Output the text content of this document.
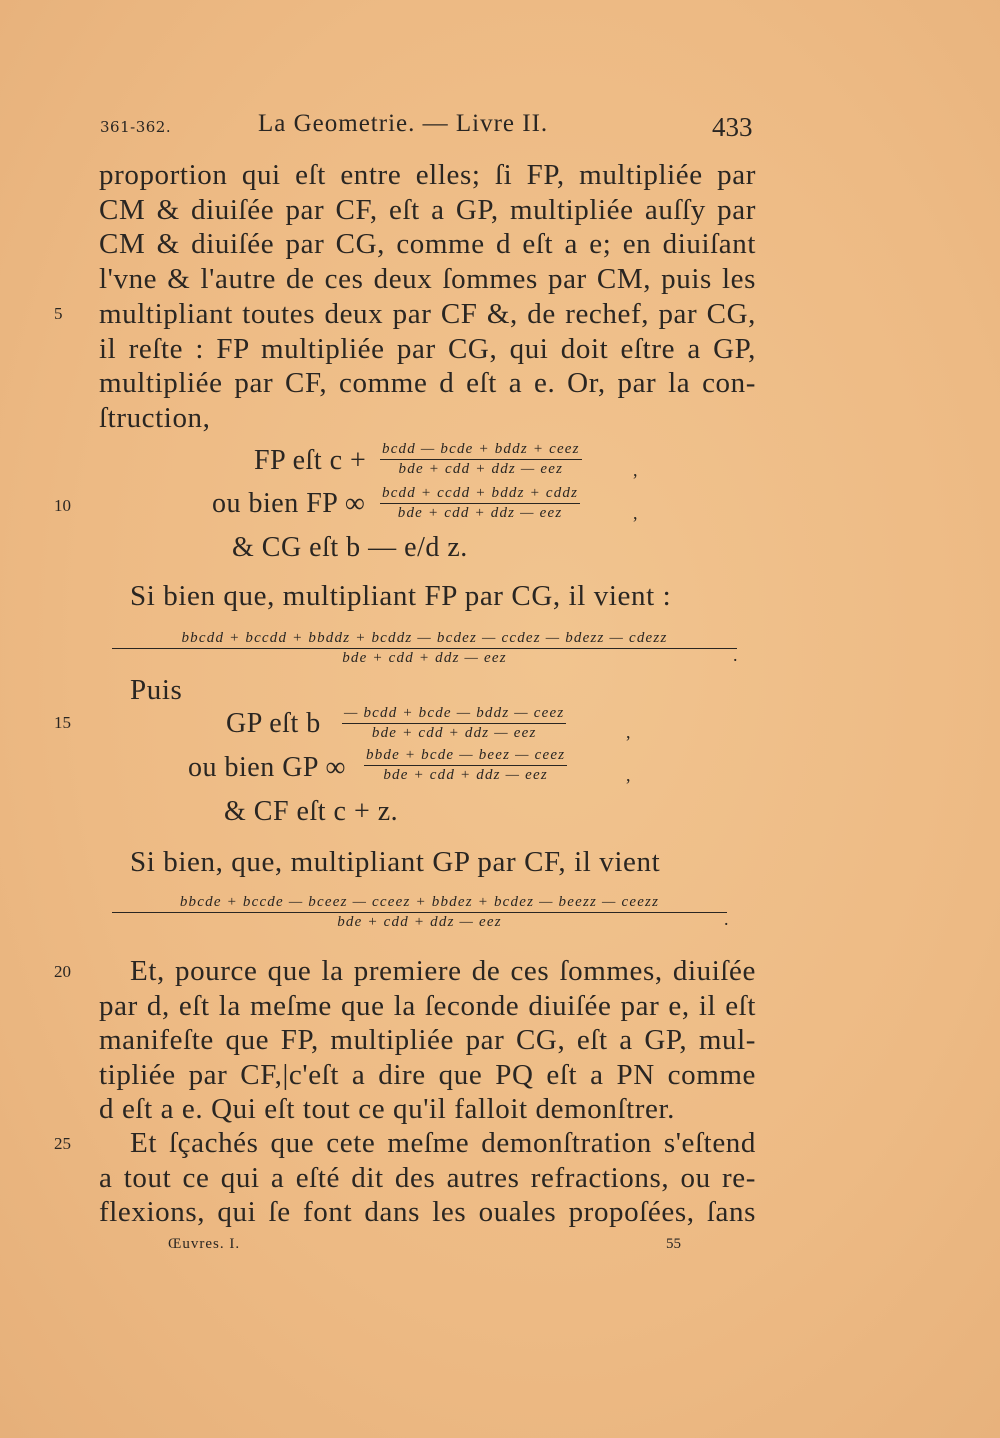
361-362.	La Geometrie. — Livre II.	433
proportion qui eſt entre elles; ſi FP, multipliée par
CM & diuiſée par CF, eſt a GP, multipliée auſſy par
CM & diuiſée par CG, comme d eſt a e; en diuiſant
l'vne & l'autre de ces deux ſommes par CM, puis les
5 multipliant toutes deux par CF &, de rechef, par CG,
il reſte : FP multipliée par CG, qui doit eſtre a GP,
multipliée par CF, comme d eſt a e. Or, par la con-
ſtruction,
FP eſt c + bcdd — bcde + bddz + ceez
bde + cdd + ddz — eez	,
10	ou bien FP ∞ bcdd + ccdd + bddz + cddz
bde + cdd + ddz — eez	,
& CG eſt b — e/d z.
Si bien que, multipliant FP par CG, il vient :
bbcdd + bccdd + bbddz + bcddz — bcdez — ccdez — bdezz — cdezz
bde + cdd + ddz — eez	.
Puis
15	GP eſt b — bcdd + bcde — bddz — ceez
bde + cdd + ddz — eez	,
ou bien GP ∞ bbde + bcde — beez — ceez
bde + cdd + ddz — eez	,
& CF eſt c + z.
Si bien, que, multipliant GP par CF, il vient
bbcde + bccde — bceez — cceez + bbdez + bcdez — beezz — ceezz
bde + cdd + ddz — eez	.
20 Et, pource que la premiere de ces ſommes, diuiſée
par d, eſt la meſme que la ſeconde diuiſée par e, il eſt
manifeſte que FP, multipliée par CG, eſt a GP, mul-
tipliée par CF,|c'eſt a dire que PQ eſt a PN comme
d eſt a e. Qui eſt tout ce qu'il falloit demonſtrer.
25 Et ſçachés que cete meſme demonſtration s'eſtend
a tout ce qui a eſté dit des autres refractions, ou re-
flexions, qui ſe font dans les ouales propoſées, ſans
Œuvres. I.	55
